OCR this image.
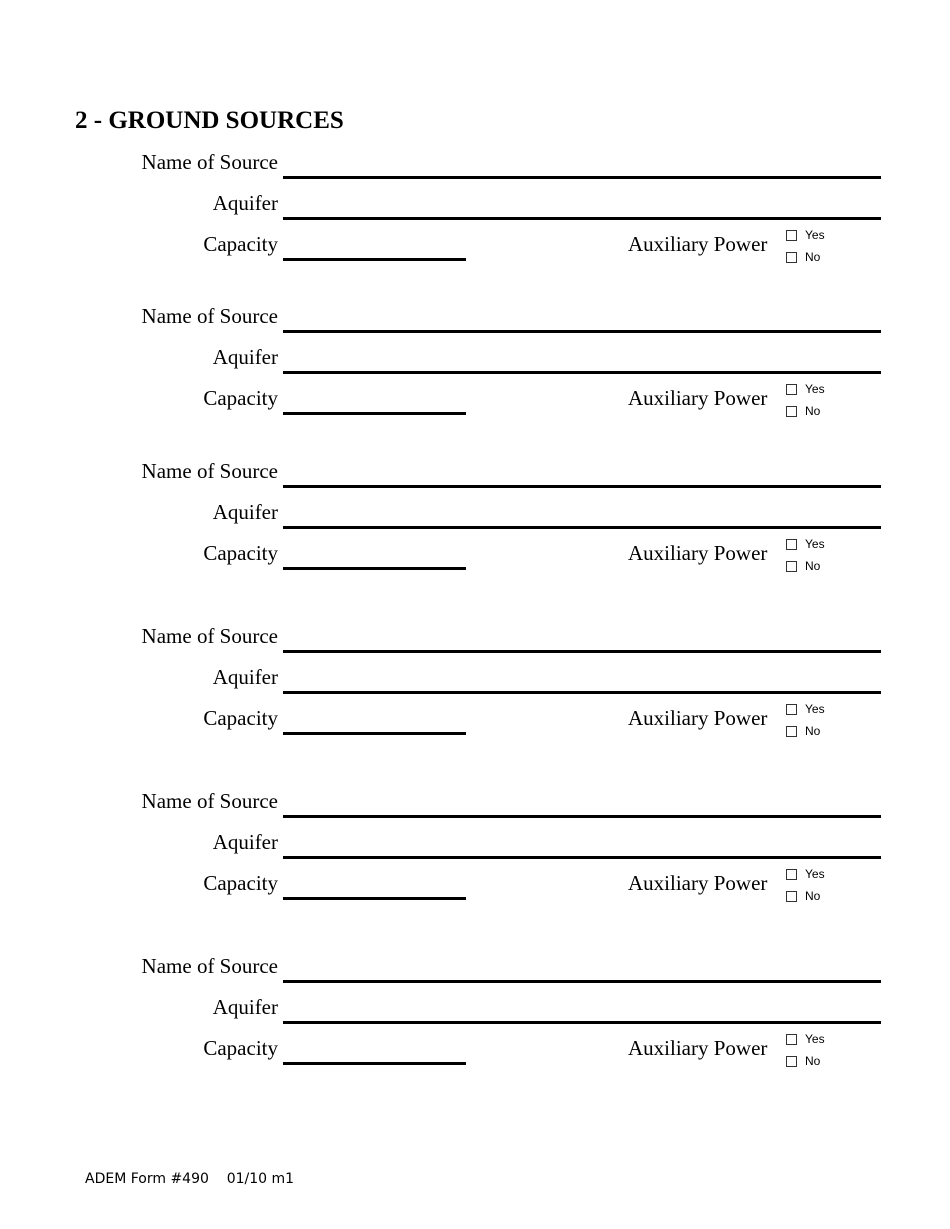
2 - GROUND SOURCES
Name of Source
Aquifer
Capacity	Auxiliary Power	Yes
No
Name of Source
Aquifer
Capacity	Auxiliary Power	Yes
No
Name of Source
Aquifer
Capacity	Auxiliary Power	Yes
No
Name of Source
Aquifer
Capacity	Auxiliary Power	Yes
No
Name of Source
Aquifer
Capacity	Auxiliary Power	Yes
No
Name of Source
Aquifer
Capacity	Auxiliary Power	Yes
No
ADEM Form #490    01/10 m1
